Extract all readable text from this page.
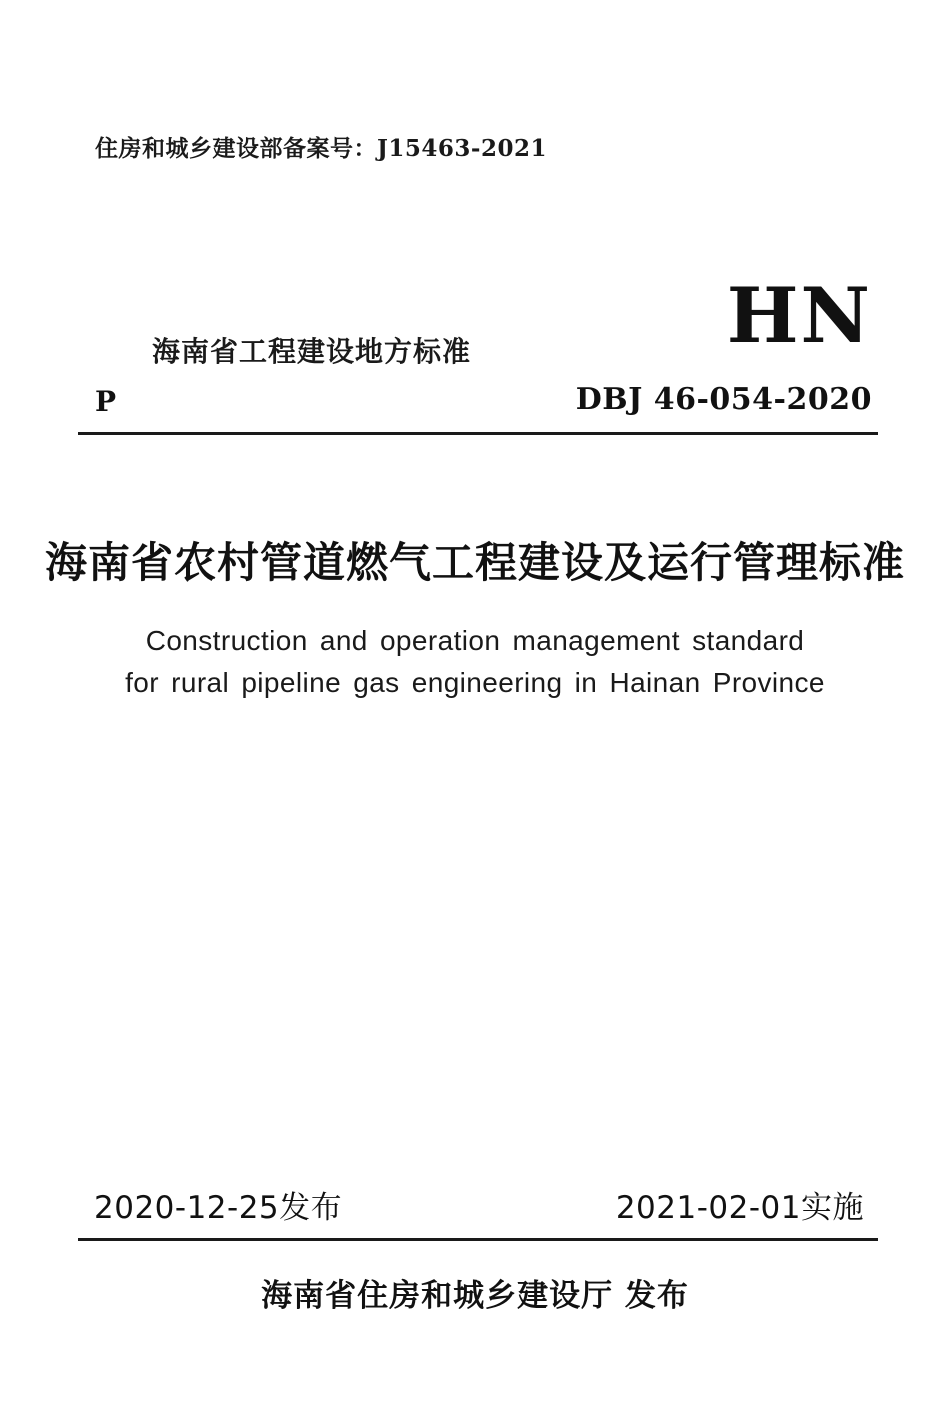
住房和城乡建设部备案号：J15463-2021
海南省工程建设地方标准	HN
DBJ 46-054-2020
P
海南省农村管道燃气工程建设及运行管理标准
Construction and operation management standard
for rural pipeline gas engineering in Hainan Province
2020-12-25发布	2021-02-01实施
海南省住房和城乡建设厅 发布
